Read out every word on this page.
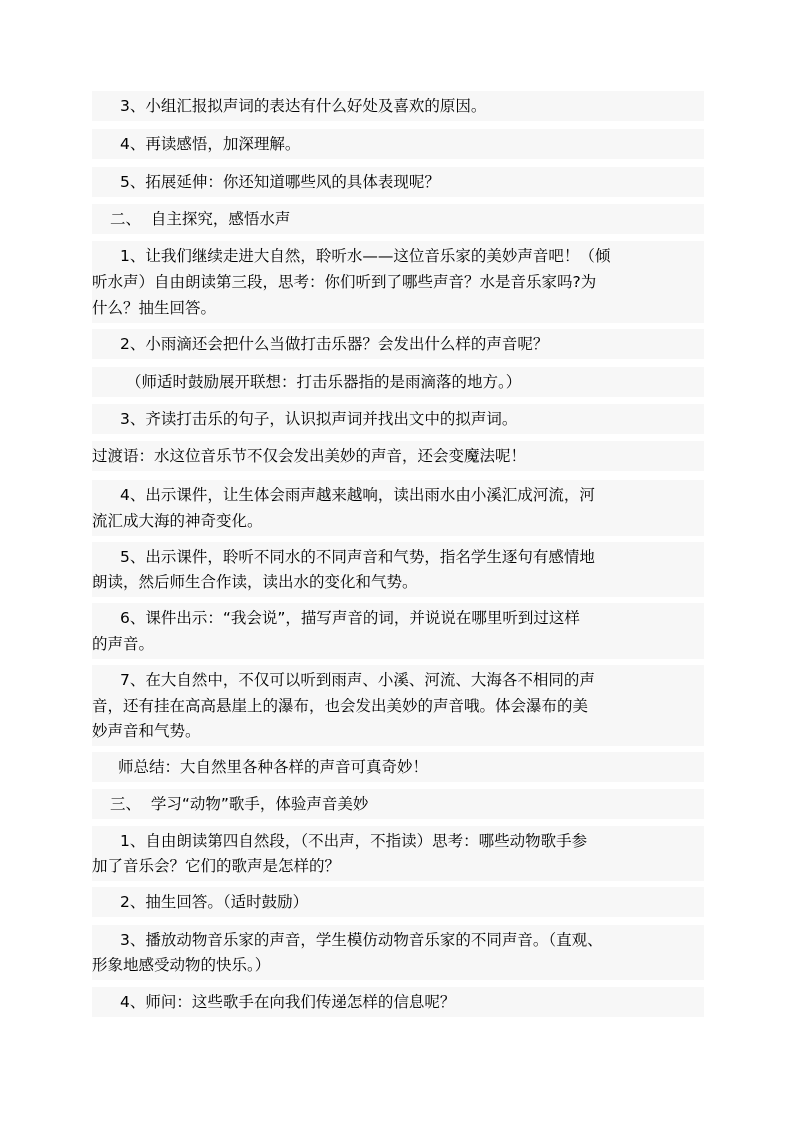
3、小组汇报拟声词的表达有什么好处及喜欢的原因。
4、再读感悟，加深理解。
5、拓展延伸：你还知道哪些风的具体表现呢？
二、  自主探究，感悟水声
1、让我们继续走进大自然，聆听水——这位音乐家的美妙声音吧！（倾
听水声）自由朗读第三段，思考：你们听到了哪些声音？水是音乐家吗?为
什么？抽生回答。
2、小雨滴还会把什么当做打击乐器？会发出什么样的声音呢？
（师适时鼓励展开联想：打击乐器指的是雨滴落的地方。）
3、齐读打击乐的句子，认识拟声词并找出文中的拟声词。
过渡语：水这位音乐节不仅会发出美妙的声音，还会变魔法呢！
4、出示课件，让生体会雨声越来越响，读出雨水由小溪汇成河流，河
流汇成大海的神奇变化。
5、出示课件，聆听不同水的不同声音和气势，指名学生逐句有感情地
朗读，然后师生合作读，读出水的变化和气势。
6、课件出示：“我会说”，描写声音的词，并说说在哪里听到过这样
的声音。
7、在大自然中，不仅可以听到雨声、小溪、河流、大海各不相同的声
音，还有挂在高高悬崖上的瀑布，也会发出美妙的声音哦。体会瀑布的美
妙声音和气势。
师总结：大自然里各种各样的声音可真奇妙！
三、  学习“动物”歌手，体验声音美妙
1、自由朗读第四自然段，（不出声，不指读）思考：哪些动物歌手参
加了音乐会？它们的歌声是怎样的？
2、抽生回答。（适时鼓励）
3、播放动物音乐家的声音，学生模仿动物音乐家的不同声音。（直观、
形象地感受动物的快乐。）
4、师问：这些歌手在向我们传递怎样的信息呢？
